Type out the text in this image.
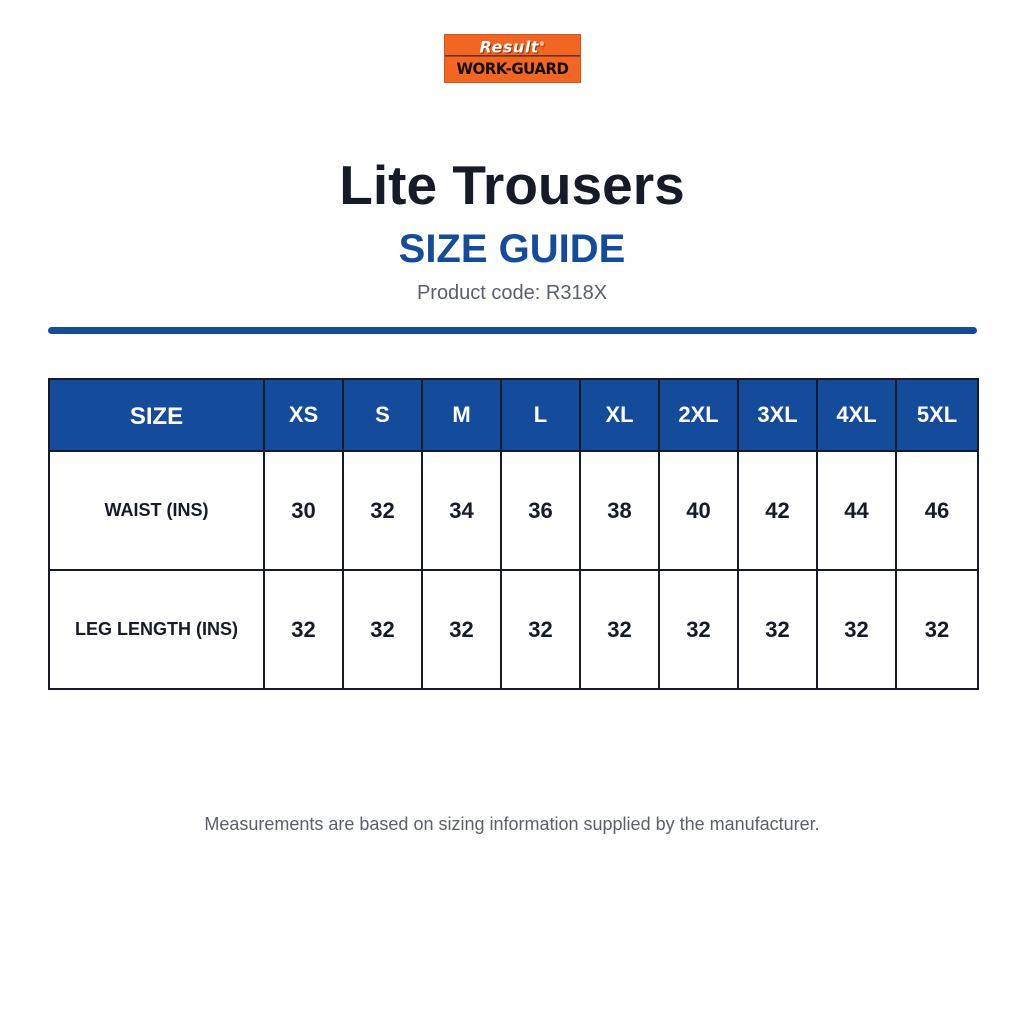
Result®
WORK-GUARD
Lite Trousers
SIZE GUIDE
Product code: R318X
SIZE	XS	S	M	L	XL	2XL	3XL	4XL	5XL
WAIST (INS)	30	32	34	36	38	40	42	44	46
LEG LENGTH (INS)	32	32	32	32	32	32	32	32	32
Measurements are based on sizing information supplied by the manufacturer.
